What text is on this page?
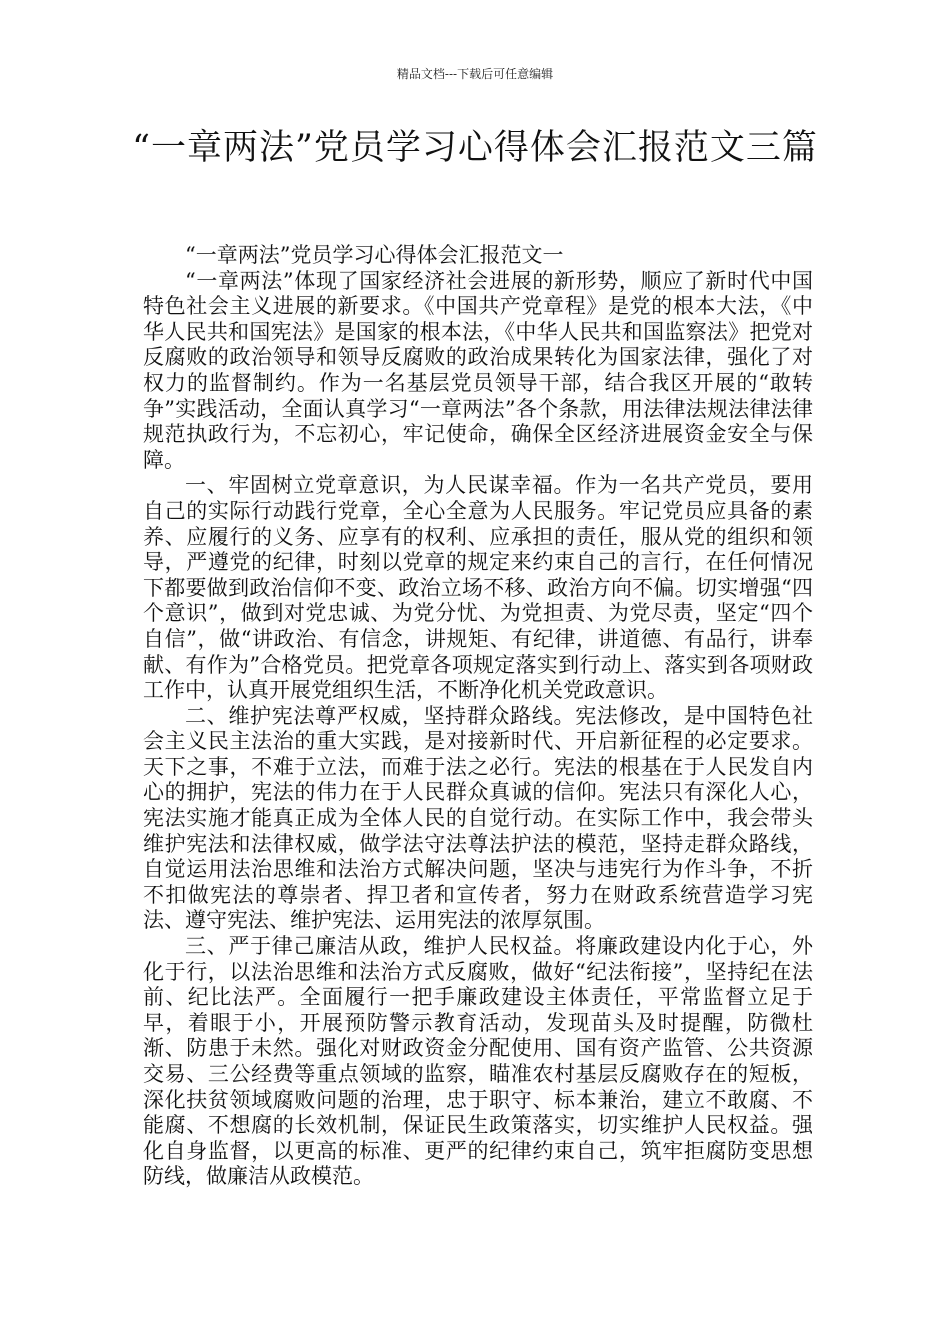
精品文档---下载后可任意编辑
“一章两法”党员学习心得体会汇报范文三篇

“一章两法”党员学习心得体会汇报范文一

“一章两法”体现了国家经济社会进展的新形势，顺应了新时代中国特色社会主义进展的新要求。《中国共产党章程》是党的根本大法，《中华人民共和国宪法》是国家的根本法，《中华人民共和国监察法》把党对反腐败的政治领导和领导反腐败的政治成果转化为国家法律，强化了对权力的监督制约。作为一名基层党员领导干部，结合我区开展的“敢转争”实践活动，全面认真学习“一章两法”各个条款，用法律法规法律法律规范执政行为，不忘初心，牢记使命，确保全区经济进展资金安全与保障。

一、牢固树立党章意识，为人民谋幸福。作为一名共产党员，要用自己的实际行动践行党章，全心全意为人民服务。牢记党员应具备的素养、应履行的义务、应享有的权利、应承担的责任，服从党的组织和领导，严遵党的纪律，时刻以党章的规定来约束自己的言行，在任何情况下都要做到政治信仰不变、政治立场不移、政治方向不偏。切实增强“四个意识”，做到对党忠诚、为党分忧、为党担责、为党尽责，坚定“四个自信”，做“讲政治、有信念，讲规矩、有纪律，讲道德、有品行，讲奉献、有作为”合格党员。把党章各项规定落实到行动上、落实到各项财政工作中，认真开展党组织生活，不断净化机关党政意识。

二、维护宪法尊严权威，坚持群众路线。宪法修改，是中国特色社会主义民主法治的重大实践，是对接新时代、开启新征程的必定要求。天下之事，不难于立法，而难于法之必行。宪法的根基在于人民发自内心的拥护，宪法的伟力在于人民群众真诚的信仰。宪法只有深化人心，宪法实施才能真正成为全体人民的自觉行动。在实际工作中，我会带头维护宪法和法律权威，做学法守法尊法护法的模范，坚持走群众路线，自觉运用法治思维和法治方式解决问题，坚决与违宪行为作斗争，不折不扣做宪法的尊崇者、捍卫者和宣传者，努力在财政系统营造学习宪法、遵守宪法、维护宪法、运用宪法的浓厚氛围。

三、严于律己廉洁从政，维护人民权益。将廉政建设内化于心，外化于行，以法治思维和法治方式反腐败，做好“纪法衔接”，坚持纪在法前、纪比法严。全面履行一把手廉政建设主体责任，平常监督立足于早，着眼于小，开展预防警示教育活动，发现苗头及时提醒，防微杜渐、防患于未然。强化对财政资金分配使用、国有资产监管、公共资源交易、三公经费等重点领域的监察，瞄准农村基层反腐败存在的短板，深化扶贫领域腐败问题的治理，忠于职守、标本兼治，建立不敢腐、不能腐、不想腐的长效机制，保证民生政策落实，切实维护人民权益。强化自身监督，以更高的标准、更严的纪律约束自己，筑牢拒腐防变思想防线，做廉洁从政模范。
